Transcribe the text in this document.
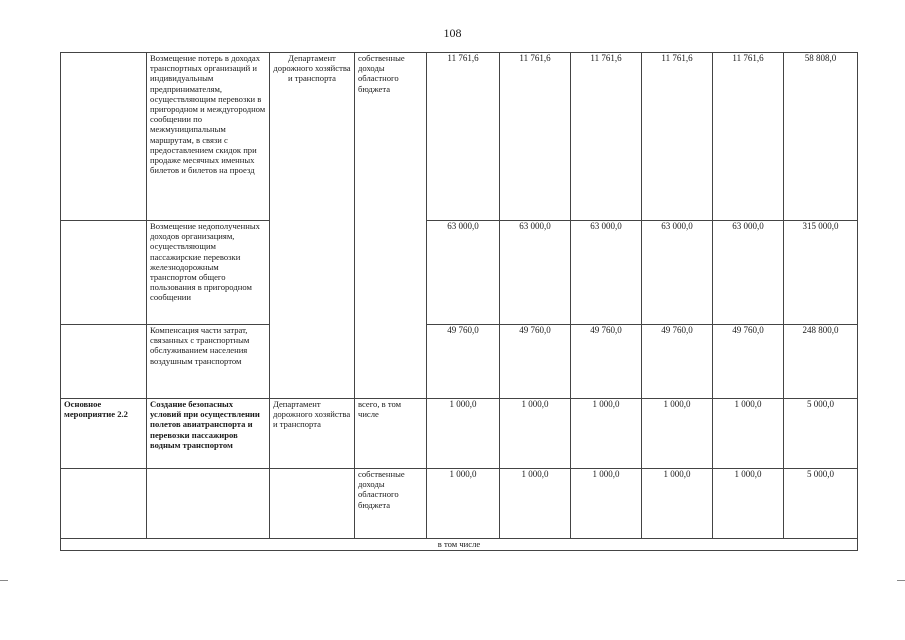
108
	Возмещение потерь в доходах транспортных организаций и индивидуальным предпринимателям, осуществляющим перевозки в пригородном и междугородном сообщении по межмуниципальным маршрутам, в связи с предоставлением скидок при продаже месячных именных билетов и билетов на проезд	Департамент дорожного хозяйства и транспорта	собственные доходы областного бюджета	11 761,6	11 761,6	11 761,6	11 761,6	11 761,6	58 808,0
	Возмещение недополученных доходов организациям, осуществляющим пассажирские перевозки железнодорожным транспортом общего пользования в пригородном сообщении			63 000,0	63 000,0	63 000,0	63 000,0	63 000,0	315 000,0
	Компенсация части затрат, связанных с транспортным обслуживанием населения воздушным транспортом			49 760,0	49 760,0	49 760,0	49 760,0	49 760,0	248 800,0
Основное мероприятие 2.2	Создание безопасных условий при осуществлении полетов авиатранспорта и перевозки пассажиров водным транспортом	Департамент дорожного хозяйства и транспорта	всего, в том числе	1 000,0	1 000,0	1 000,0	1 000,0	1 000,0	5 000,0
			собственные доходы областного бюджета	1 000,0	1 000,0	1 000,0	1 000,0	1 000,0	5 000,0
в том числе									
